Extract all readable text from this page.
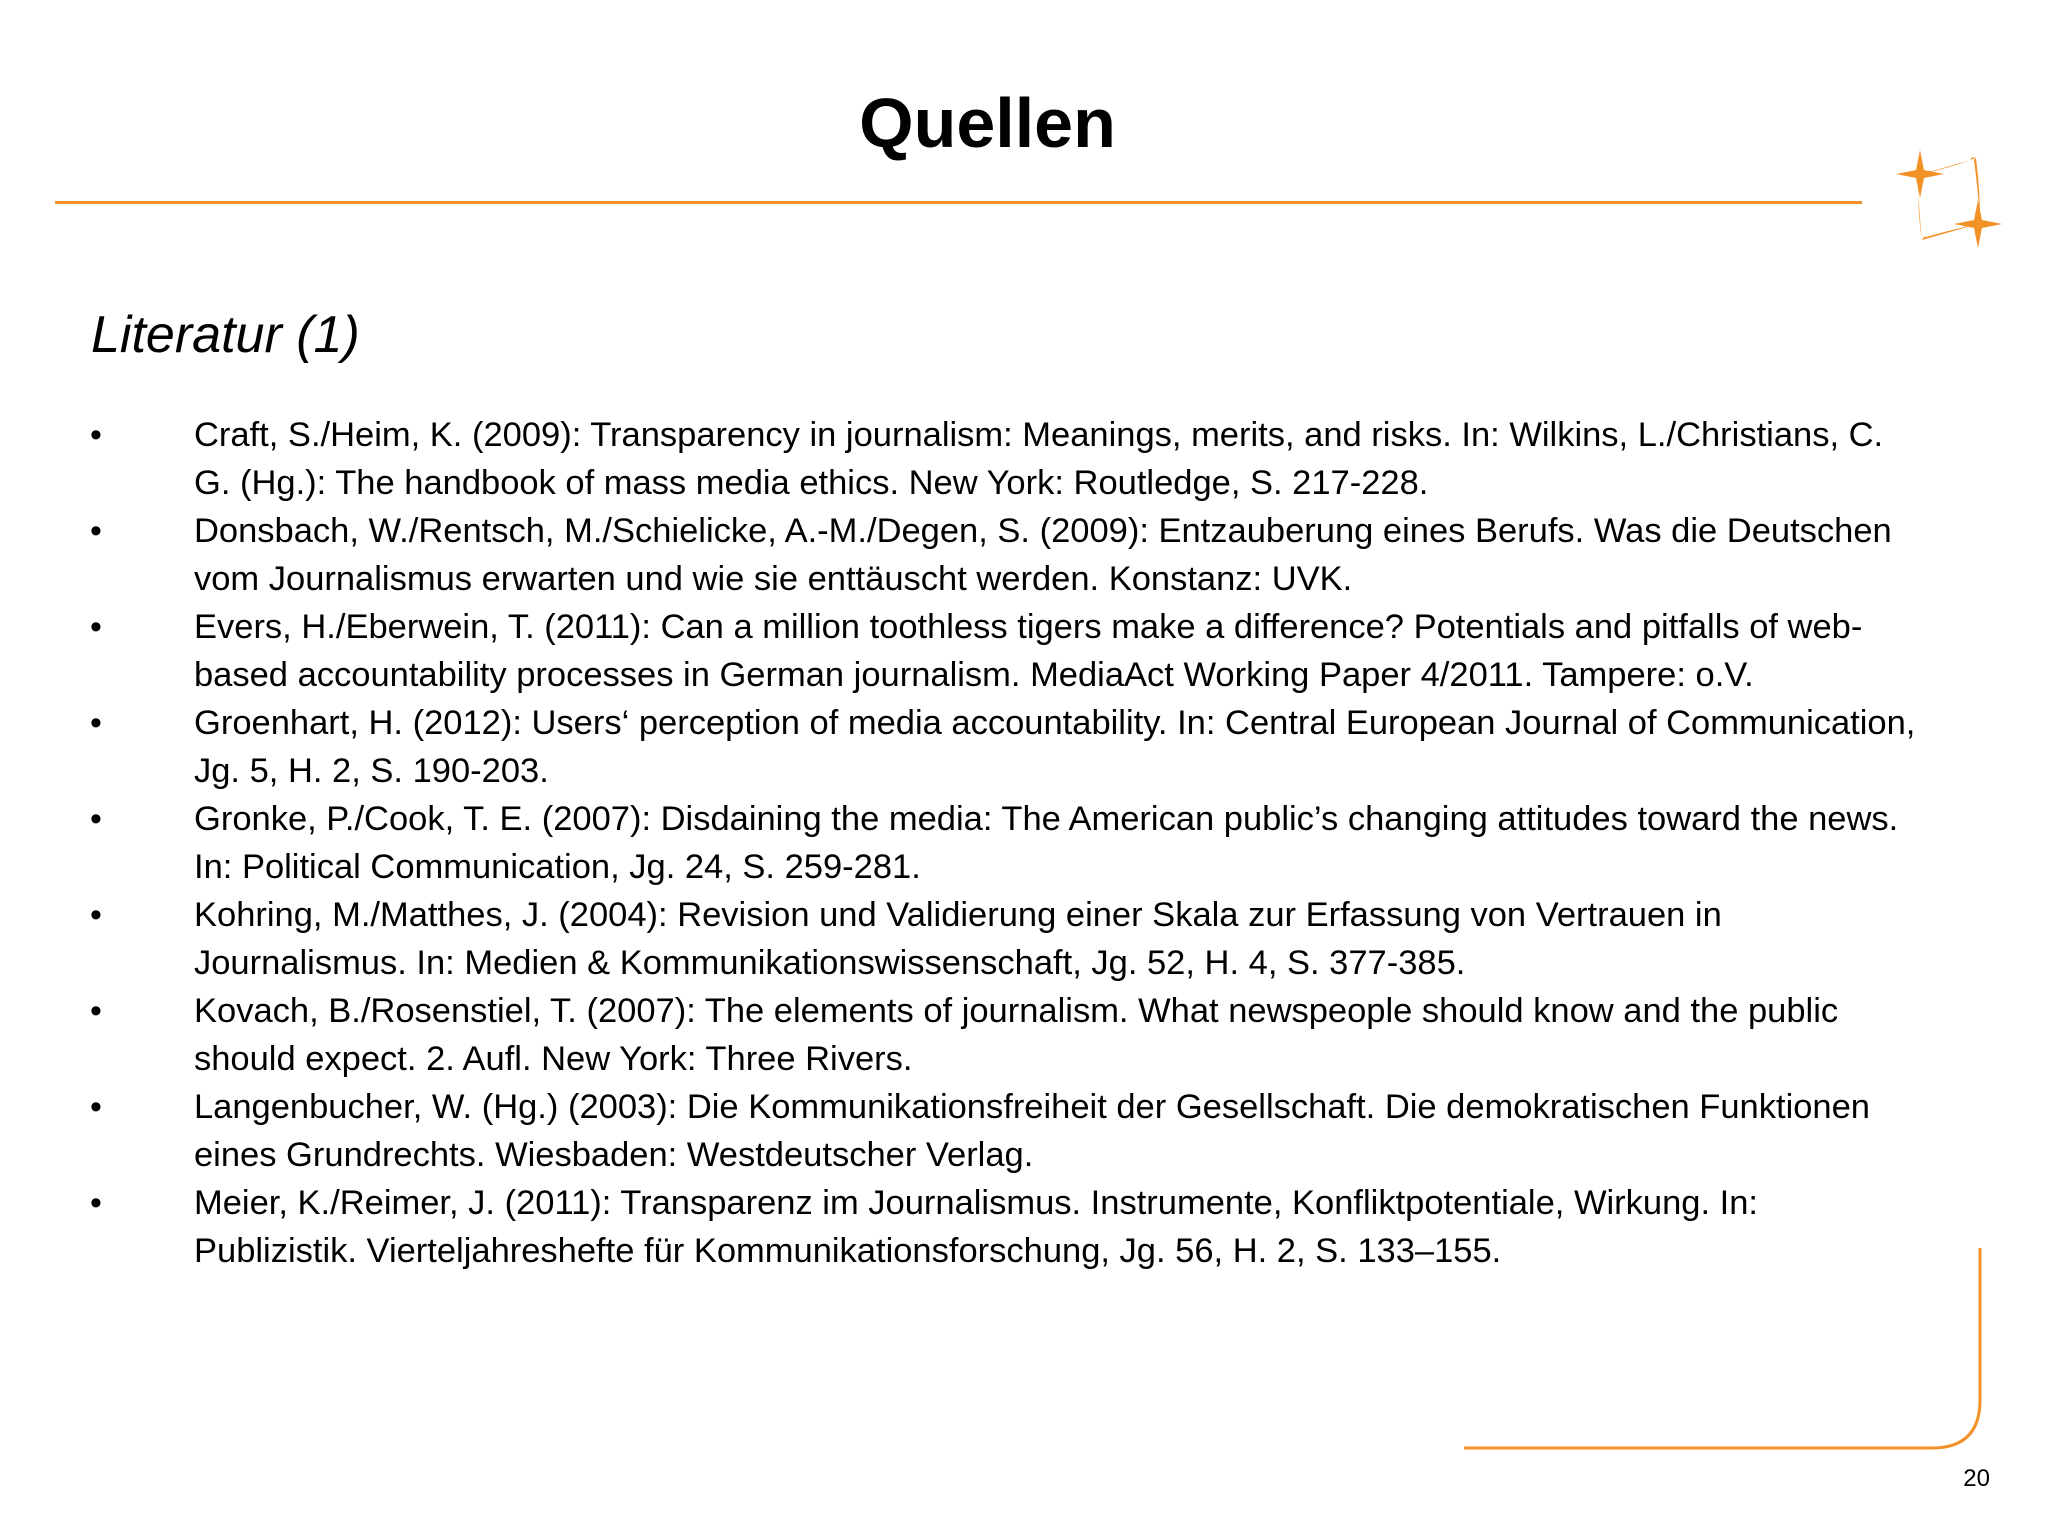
Quellen
Literatur (1)
•	Craft, S./Heim, K. (2009): Transparency in journalism: Meanings, merits, and risks. In: Wilkins, L./Christians, C. G. (Hg.): The handbook of mass media ethics. New York: Routledge, S. 217-228.
•	Donsbach, W./Rentsch, M./Schielicke, A.-M./Degen, S. (2009): Entzauberung eines Berufs. Was die Deutschen vom Journalismus erwarten und wie sie enttäuscht werden. Konstanz: UVK.
•	Evers, H./Eberwein, T. (2011): Can a million toothless tigers make a difference? Potentials and pitfalls of web-based accountability processes in German journalism. MediaAct Working Paper 4/2011. Tampere: o.V.
•	Groenhart, H. (2012): Users‘ perception of media accountability. In: Central European Journal of Communication, Jg. 5, H. 2, S. 190-203.
•	Gronke, P./Cook, T. E. (2007): Disdaining the media: The American public’s changing attitudes toward the news. In: Political Communication, Jg. 24, S. 259-281.
•	Kohring, M./Matthes, J. (2004): Revision und Validierung einer Skala zur Erfassung von Vertrauen in Journalismus. In: Medien & Kommunikationswissenschaft, Jg. 52, H. 4, S. 377-385.
•	Kovach, B./Rosenstiel, T. (2007): The elements of journalism. What newspeople should know and the public should expect. 2. Aufl. New York: Three Rivers.
•	Langenbucher, W. (Hg.) (2003): Die Kommunikationsfreiheit der Gesellschaft. Die demokratischen Funktionen eines Grundrechts. Wiesbaden: Westdeutscher Verlag.
•	Meier, K./Reimer, J. (2011): Transparenz im Journalismus. Instrumente, Konfliktpotentiale, Wirkung. In: Publizistik. Vierteljahreshefte für Kommunikationsforschung, Jg. 56, H. 2, S. 133–155.
20
